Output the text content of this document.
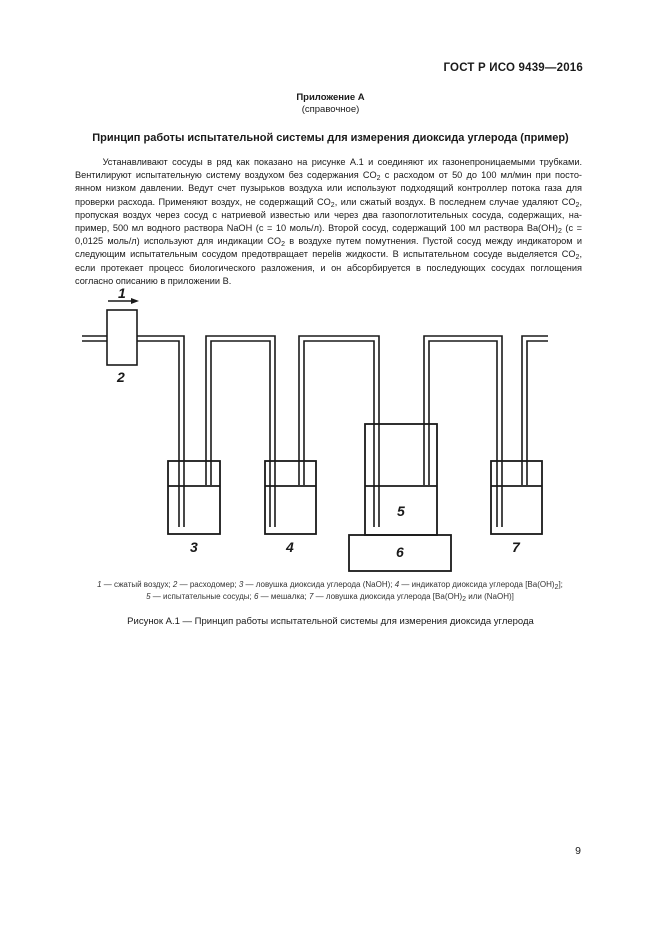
ГОСТ Р ИСО 9439—2016
Приложение А
(справочное)
Принцип работы испытательной системы для измерения диоксида углерода (пример)
   Устанавливают сосуды в ряд как показано на рисунке А.1 и соединяют их газонепроницаемыми трубками. Вентилируют испытательную систему воздухом без содержания $CO_2$ с расходом от 50 до 100 мл/мин при посто-янном низком давлении. Ведут счет пузырьков воздуха или используют подходящий контроллер потока газа для проверки расхода. Применяют воздух, не содержащий $CO_2$, или сжатый воздух. В последнем случае удаляют $CO_2$, пропуская воздух через сосуд с натриевой известью или через два газопоглотительных сосуда, содержащих, на-пример, 500 мл водного раствора NaOH (c = 10 моль/л). Второй сосуд, содержащий 100 мл раствора $Ba(OH)_2$ (c = 0,0125 моль/л) используют для индикации $CO_2$ в воздухе путем помутнения. Пустой сосуд между индикатором и следующим испытательным сосудом предотвращает переliв жидкости. В испытательном сосуде выделяется $CO_2$, если протекает процесс биологического разложения, и он абсорбируется в последующих сосудах поглощения согласно описанию в приложении В.
1
2
3	4
5
6	7
1 — сжатый воздух; 2 — расходомер; 3 — ловушка диоксида углерода (NaOH); 4 — индикатор диоксида углерода $[Ba(OH)_2]$;
5 — испытательные сосуды; 6 — мешалка; 7 — ловушка диоксида углерода [$Ba(OH)_2$ или (NaOH)]
Рисунок А.1 — Принцип работы испытательной системы для измерения диоксида углерода
9
